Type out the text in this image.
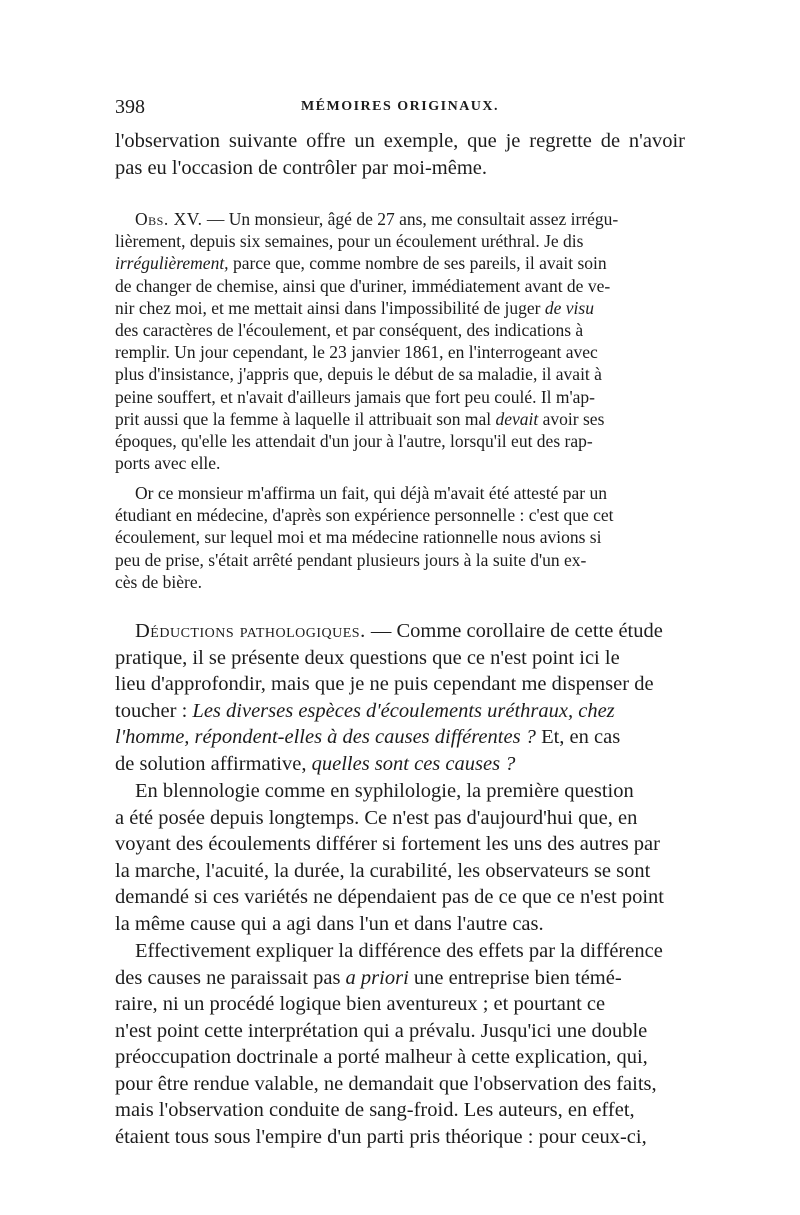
398	MÉMOIRES ORIGINAUX.
l'observation suivante offre un exemple, que je regrette de n'avoir
pas eu l'occasion de contrôler par moi-même.
Obs. XV. — Un monsieur, âgé de 27 ans, me consultait assez irrégu-
lièrement, depuis six semaines, pour un écoulement uréthral. Je dis
irrégulièrement, parce que, comme nombre de ses pareils, il avait soin
de changer de chemise, ainsi que d'uriner, immédiatement avant de ve-
nir chez moi, et me mettait ainsi dans l'impossibilité de juger de visu
des caractères de l'écoulement, et par conséquent, des indications à
remplir. Un jour cependant, le 23 janvier 1861, en l'interrogeant avec
plus d'insistance, j'appris que, depuis le début de sa maladie, il avait à
peine souffert, et n'avait d'ailleurs jamais que fort peu coulé. Il m'ap-
prit aussi que la femme à laquelle il attribuait son mal devait avoir ses
époques, qu'elle les attendait d'un jour à l'autre, lorsqu'il eut des rap-
ports avec elle.
Or ce monsieur m'affirma un fait, qui déjà m'avait été attesté par un
étudiant en médecine, d'après son expérience personnelle : c'est que cet
écoulement, sur lequel moi et ma médecine rationnelle nous avions si
peu de prise, s'était arrêté pendant plusieurs jours à la suite d'un ex-
cès de bière.
Déductions pathologiques. — Comme corollaire de cette étude
pratique, il se présente deux questions que ce n'est point ici le
lieu d'approfondir, mais que je ne puis cependant me dispenser de
toucher : Les diverses espèces d'écoulements uréthraux, chez
l'homme, répondent-elles à des causes différentes ? Et, en cas
de solution affirmative, quelles sont ces causes ?
En blennologie comme en syphilologie, la première question
a été posée depuis longtemps. Ce n'est pas d'aujourd'hui que, en
voyant des écoulements différer si fortement les uns des autres par
la marche, l'acuité, la durée, la curabilité, les observateurs se sont
demandé si ces variétés ne dépendaient pas de ce que ce n'est point
la même cause qui a agi dans l'un et dans l'autre cas.
Effectivement expliquer la différence des effets par la différence
des causes ne paraissait pas a priori une entreprise bien témé-
raire, ni un procédé logique bien aventureux ; et pourtant ce
n'est point cette interprétation qui a prévalu. Jusqu'ici une double
préoccupation doctrinale a porté malheur à cette explication, qui,
pour être rendue valable, ne demandait que l'observation des faits,
mais l'observation conduite de sang-froid. Les auteurs, en effet,
étaient tous sous l'empire d'un parti pris théorique : pour ceux-ci,
